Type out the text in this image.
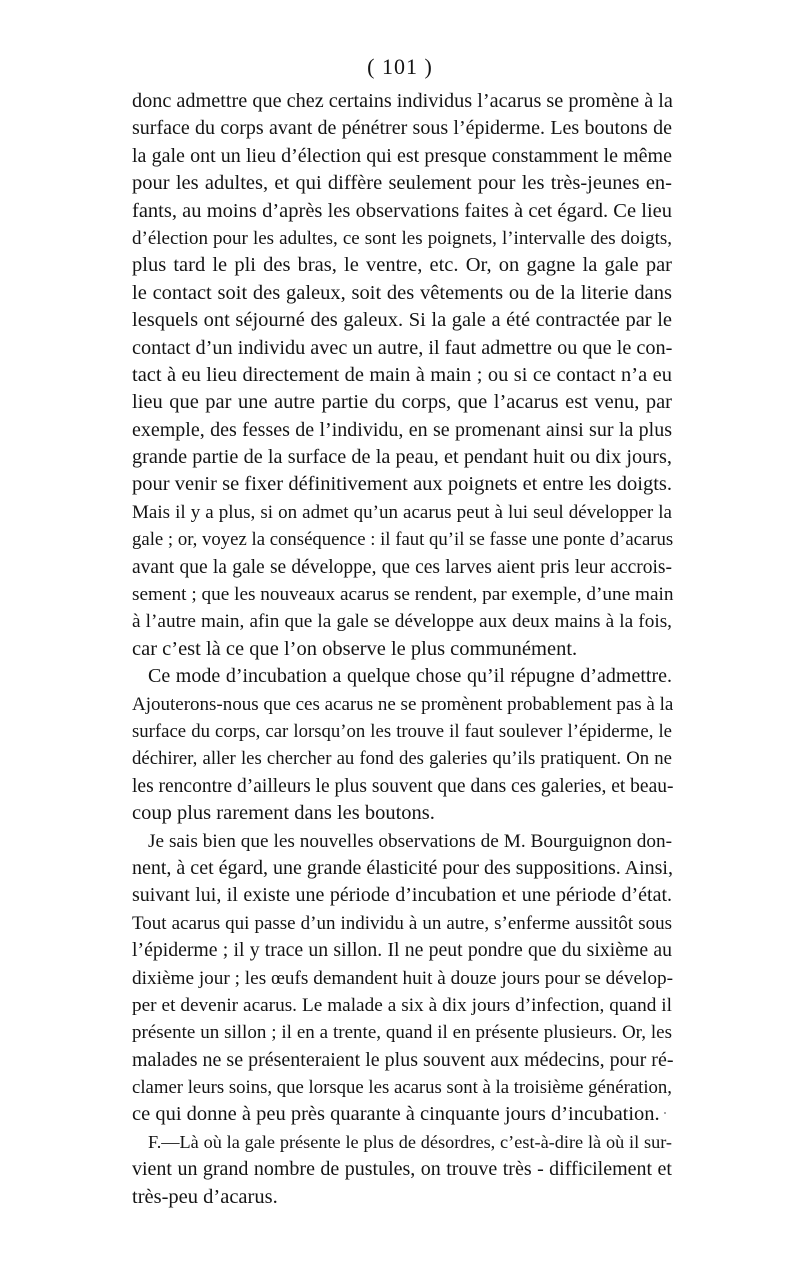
( 101 )
donc admettre que chez certains individus l’acarus se promène à la
surface du corps avant de pénétrer sous l’épiderme. Les boutons de
la gale ont un lieu d’élection qui est presque constamment le même
pour les adultes, et qui diffère seulement pour les très-jeunes en-
fants, au moins d’après les observations faites à cet égard. Ce lieu
d’élection pour les adultes, ce sont les poignets, l’intervalle des doigts,
plus tard le pli des bras, le ventre, etc. Or, on gagne la gale par
le contact soit des galeux, soit des vêtements ou de la literie dans
lesquels ont séjourné des galeux. Si la gale a été contractée par le
contact d’un individu avec un autre, il faut admettre ou que le con-
tact à eu lieu directement de main à main ; ou si ce contact n’a eu
lieu que par une autre partie du corps, que l’acarus est venu, par
exemple, des fesses de l’individu, en se promenant ainsi sur la plus
grande partie de la surface de la peau, et pendant huit ou dix jours,
pour venir se fixer définitivement aux poignets et entre les doigts.
Mais il y a plus, si on admet qu’un acarus peut à lui seul développer la
gale ; or, voyez la conséquence : il faut qu’il se fasse une ponte d’acarus
avant que la gale se développe, que ces larves aient pris leur accrois-
sement ; que les nouveaux acarus se rendent, par exemple, d’une main
à l’autre main, afin que la gale se développe aux deux mains à la fois,
car c’est là ce que l’on observe le plus communément.
Ce mode d’incubation a quelque chose qu’il répugne d’admettre.
Ajouterons-nous que ces acarus ne se promènent probablement pas à la
surface du corps, car lorsqu’on les trouve il faut soulever l’épiderme, le
déchirer, aller les chercher au fond des galeries qu’ils pratiquent. On ne
les rencontre d’ailleurs le plus souvent que dans ces galeries, et beau-
coup plus rarement dans les boutons.
Je sais bien que les nouvelles observations de M. Bourguignon don-
nent, à cet égard, une grande élasticité pour des suppositions. Ainsi,
suivant lui, il existe une période d’incubation et une période d’état.
Tout acarus qui passe d’un individu à un autre, s’enferme aussitôt sous
l’épiderme ; il y trace un sillon. Il ne peut pondre que du sixième au
dixième jour ; les œufs demandent huit à douze jours pour se dévelop-
per et devenir acarus. Le malade a six à dix jours d’infection, quand il
présente un sillon ; il en a trente, quand il en présente plusieurs. Or, les
malades ne se présenteraient le plus souvent aux médecins, pour ré-
clamer leurs soins, que lorsque les acarus sont à la troisième génération,
ce qui donne à peu près quarante à cinquante jours d’incubation.
F.—Là où la gale présente le plus de désordres, c’est-à-dire là où il sur-
vient un grand nombre de pustules, on trouve très - difficilement et
très-peu d’acarus.
